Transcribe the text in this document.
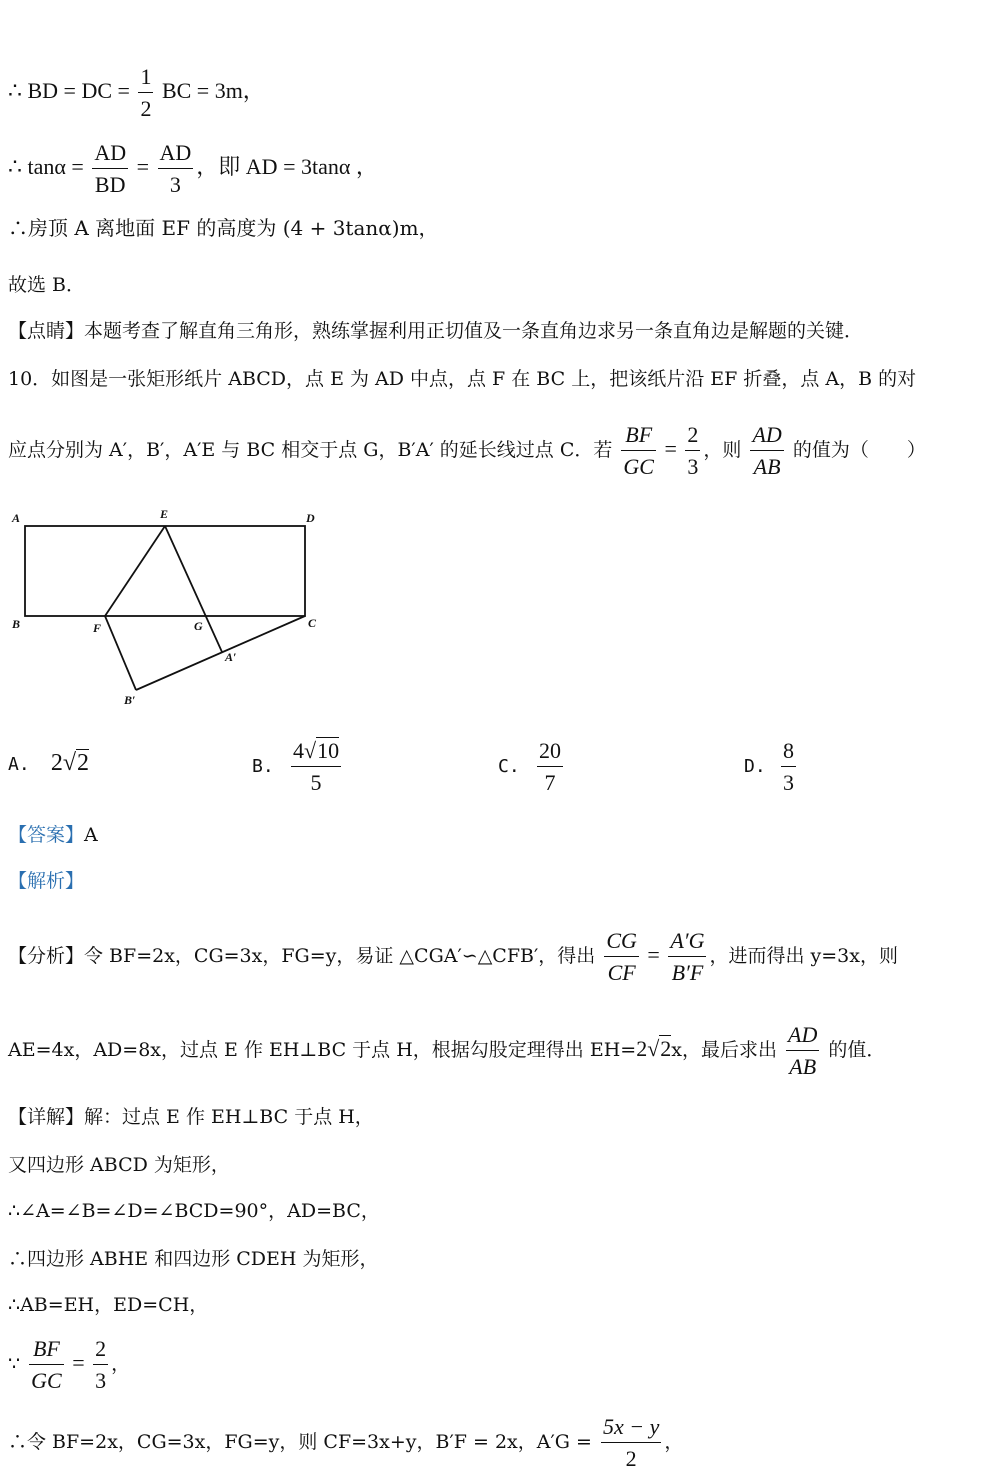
∴ BD = DC = $\frac{1}{2}$ BC = 3m，
∴ $\tan\alpha = \frac{AD}{BD} = \frac{AD}{3}$ ，即 AD = 3tanα ，
∴房顶 A 离地面 EF 的高度为 (4 + 3tanα)m，
故选 B．
【点睛】本题考查了解直角三角形，熟练掌握利用正切值及一条直角边求另一条直角边是解题的关键．
10．如图是一张矩形纸片 ABCD，点 E 为 AD 中点，点 F 在 BC 上，把该纸片沿 EF 折叠，点 A，B 的对
应点分别为 A′，B′，A′E 与 BC 相交于点 G，B′A′ 的延长线过点 C．若 $\frac{BF}{GC} = \frac{2}{3}$ ，则 $\frac{AD}{AB}$ 的值为（　　）
A	E	D
B	F	G	C
A′
B′
A. 2√2	B. $\frac{4√10}{5}$	C. $\frac{20}{7}$	D. $\frac{8}{3}$
【答案】A
【解析】
【分析】令 BF=2x，CG=3x，FG=y，易证 △CGA′∽△CFB′，得出 $\frac{CG}{CF} = \frac{A'G}{B'F}$ ，进而得出 y=3x，则
AE=4x，AD=8x，过点 E 作 EH⊥BC 于点 H，根据勾股定理得出 EH=2√2x，最后求出 $\frac{AD}{AB}$ 的值．
【详解】解：过点 E 作 EH⊥BC 于点 H，
又四边形 ABCD 为矩形，
∴∠A=∠B=∠D=∠BCD=90°，AD=BC，
∴四边形 ABHE 和四边形 CDEH 为矩形，
∴AB=EH，ED=CH，
∵ $\frac{BF}{GC} = \frac{2}{3}$ ，
∴令 BF=2x，CG=3x，FG=y，则 CF=3x+y，B′F = 2x，$A'G = \frac{5x - y}{2}$ ，
